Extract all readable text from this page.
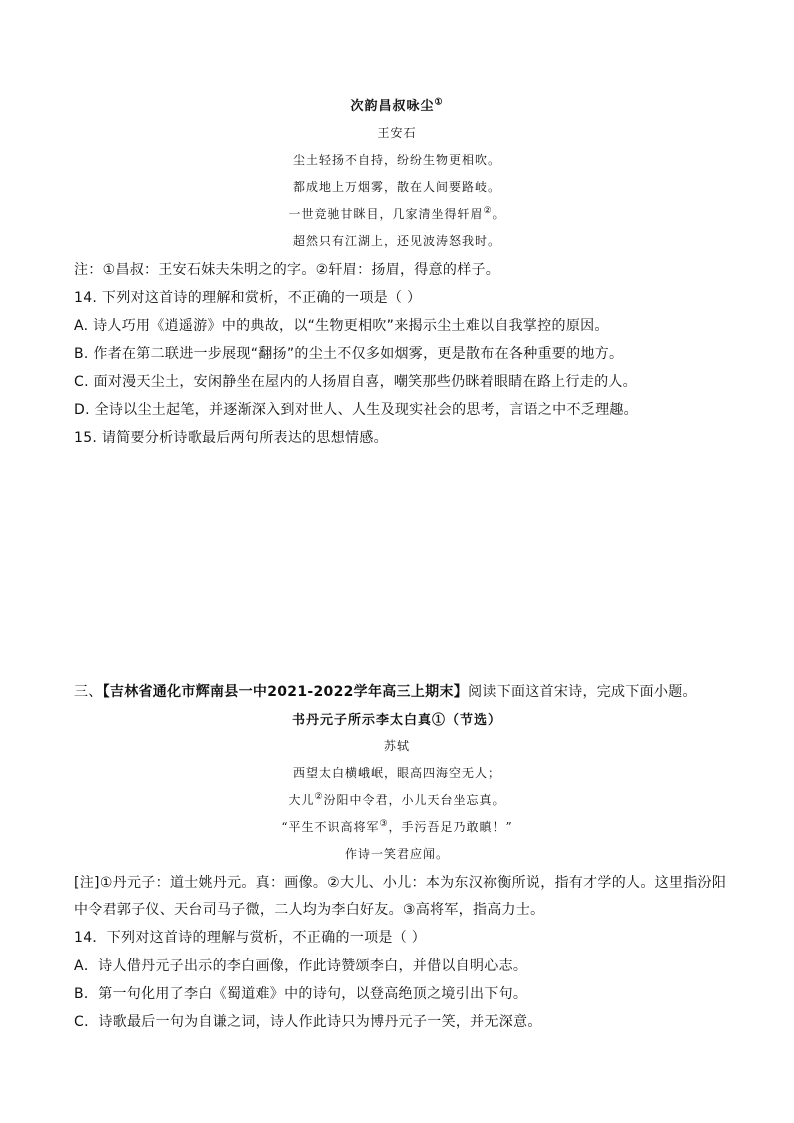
次韵昌叔咏尘①
王安石
尘土轻扬不自持，纷纷生物更相吹。
都成地上万烟雾，散在人间要路岐。
一世竞驰甘眯目，几家清坐得轩眉②。
超然只有江湖上，还见波涛怒我时。
注：①昌叔：王安石妹夫朱明之的字。②轩眉：扬眉，得意的样子。
14. 下列对这首诗的理解和赏析，不正确的一项是（ ）
A. 诗人巧用《逍遥游》中的典故，以“生物更相吹”来揭示尘土难以自我掌控的原因。
B. 作者在第二联进一步展现“翻扬”的尘土不仅多如烟雾，更是散布在各种重要的地方。
C. 面对漫天尘土，安闲静坐在屋内的人扬眉自喜，嘲笑那些仍眯着眼睛在路上行走的人。
D. 全诗以尘土起笔，并逐渐深入到对世人、人生及现实社会的思考，言语之中不乏理趣。
15. 请简要分析诗歌最后两句所表达的思想情感。
三、【吉林省通化市辉南县一中2021-2022学年高三上期末】阅读下面这首宋诗，完成下面小题。
书丹元子所示李太白真①（节选）
苏轼
西望太白横峨岷，眼高四海空无人；
大儿②汾阳中令君，小儿天台坐忘真。
“平生不识高将军③，手污吾足乃敢瞋！”
作诗一笑君应闻。
[注]①丹元子：道士姚丹元。真：画像。②大儿、小儿：本为东汉祢衡所说，指有才学的人。这里指汾阳
中令君郭子仪、天台司马子微，二人均为李白好友。③高将军，指高力士。
14．下列对这首诗的理解与赏析，不正确的一项是（ ）
A．诗人借丹元子出示的李白画像，作此诗赞颂李白，并借以自明心志。
B．第一句化用了李白《蜀道难》中的诗句，以登高绝顶之境引出下句。
C．诗歌最后一句为自谦之词，诗人作此诗只为博丹元子一笑，并无深意。
